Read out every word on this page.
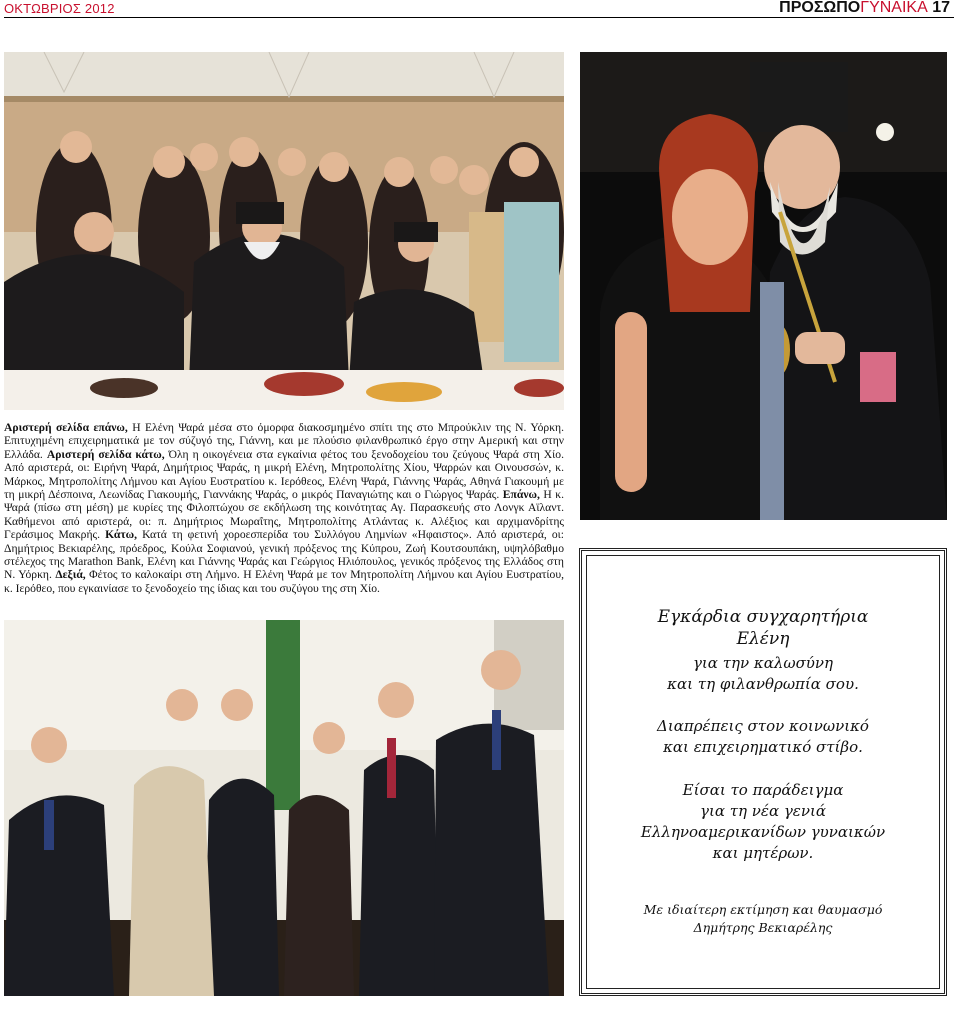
ΟΚΤΩΒΡΙΟΣ 2012	ΠΡΟΣΩΠΟΓΥΝΑΙΚΑ 17
Αριστερή σελίδα επάνω, Η Ελένη Ψαρά μέσα στο όμορφα διακοσμημένο σπίτι της στο Μπρούκλιν της Ν. Υόρκη. Επιτυχημένη επιχειρηματικά με τον σύζυγό της, Γιάννη, και με πλούσιο φιλανθρωπικό έργο στην Αμερική και στην Ελλάδα. Αριστερή σελίδα κάτω, Όλη η οικογένεια στα εγκαίνια φέτος του ξενοδοχείου του ζεύγους Ψαρά στη Χίο. Από αριστερά, οι: Ειρήνη Ψαρά, Δημήτριος Ψαράς, η μικρή Ελένη, Μητροπολίτης Χίου, Ψαρρών και Οινουσσών, κ. Μάρκος, Μητροπολίτης Λήμνου και Αγίου Ευστρατίου κ. Ιερόθεος, Ελένη Ψαρά, Γιάννης Ψαράς, Αθηνά Γιακουμή με τη μικρή Δέσποινα, Λεωνίδας Γιακουμής, Γιαννάκης Ψαράς, ο μικρός Παναγιώτης και ο Γιώργος Ψαράς. Επάνω, Η κ. Ψαρά (πίσω στη μέση) με κυρίες της Φιλοπτώχου σε εκδήλωση της κοινότητας Αγ. Παρασκευής στο Λονγκ Αϊλαντ. Καθήμενοι από αριστερά, οι: π. Δημήτριος Μωραΐτης, Μητροπολίτης Ατλάντας κ. Αλέξιος και αρχιμανδρίτης Γεράσιμος Μακρής. Κάτω, Κατά τη φετινή χοροεσπερίδα του Συλλόγου Λημνίων «Ηφαιστος». Από αριστερά, οι: Δημήτριος Βεκιαρέλης, πρόεδρος, Κούλα Σοφιανού, γενική πρόξενος της Κύπρου, Ζωή Κουτσουπάκη, υψηλόβαθμο στέλεχος της Marathon Bank, Ελένη και Γιάννης Ψαράς και Γεώργιος Ηλιόπουλος, γενικός πρόξενος της Ελλάδος στη Ν. Υόρκη. Δεξιά, Φέτος το καλοκαίρι στη Λήμνο. Η Ελένη Ψαρά με τον Μητροπολίτη Λήμνου και Αγίου Ευστρατίου, κ. Ιερόθεο, που εγκαινίασε το ξενοδοχείο της ίδιας και του συζύγου της στη Χίο.
Εγκάρδια συγχαρητήρια
Ελένη
για την καλωσύνη
και τη φιλανθρωπία σου.
Διαπρέπεις στον κοινωνικό
και επιχειρηματικό στίβο.
Είσαι το παράδειγμα
για τη νέα γενιά
Ελληνοαμερικανίδων γυναικών
και μητέρων.
Με ιδιαίτερη εκτίμηση και θαυμασμό
Δημήτρης Βεκιαρέλης
